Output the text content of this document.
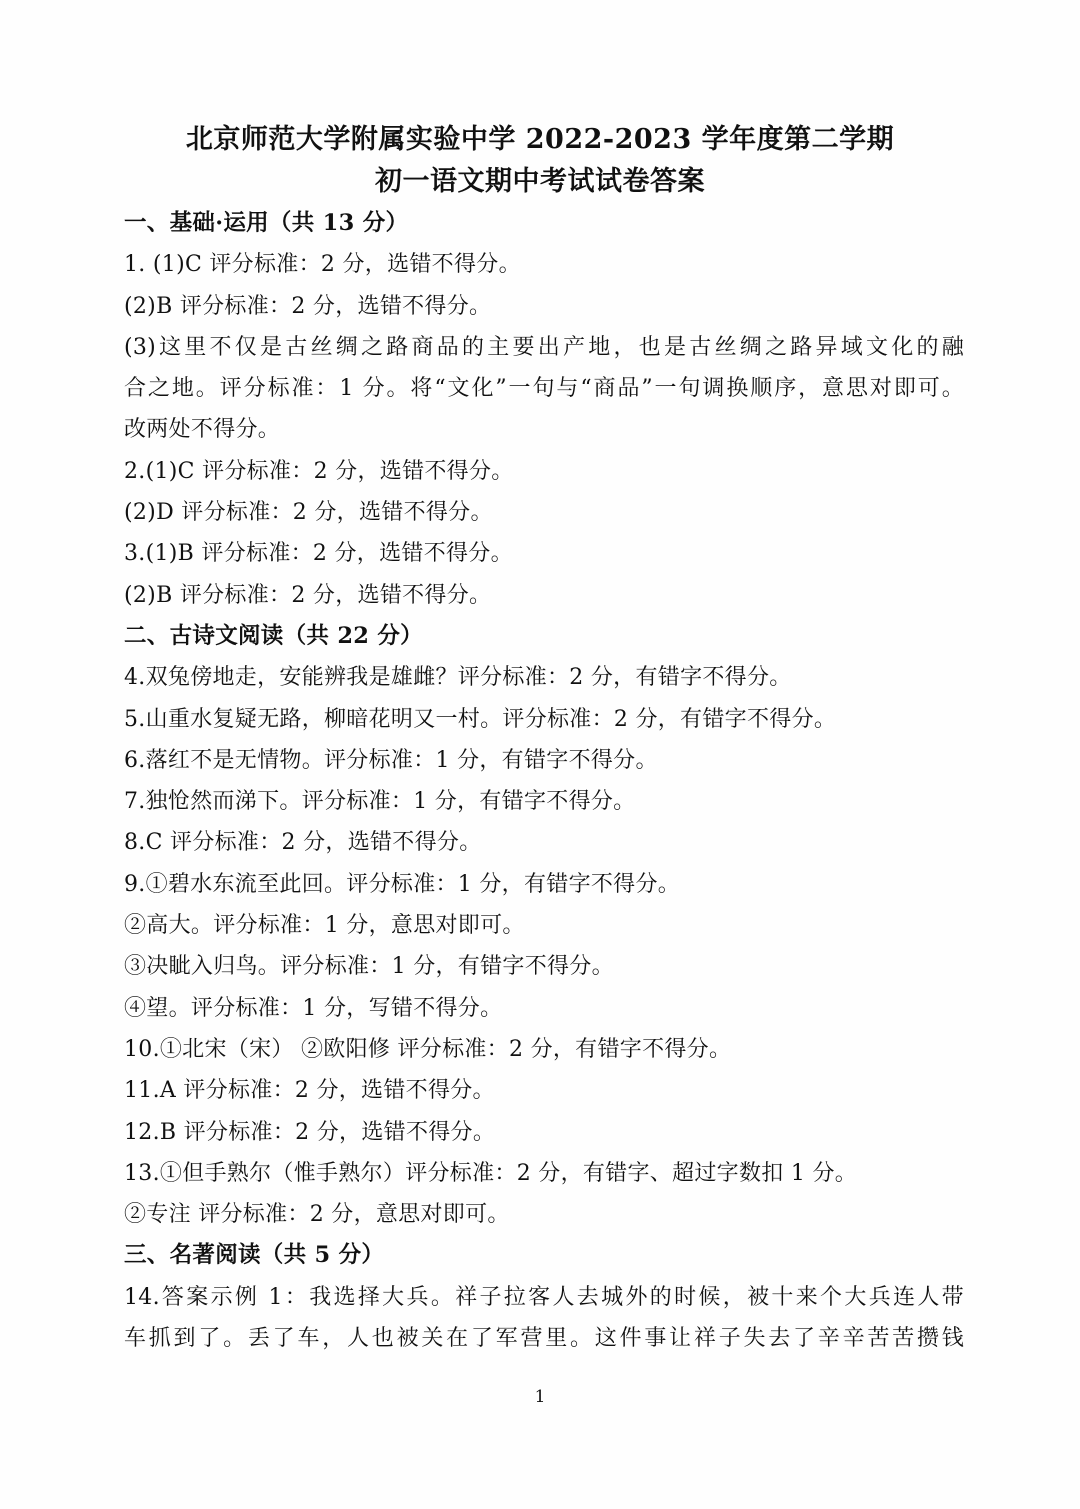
北京师范大学附属实验中学 2022-2023 学年度第二学期
初一语文期中考试试卷答案
一、基础·运用（共 13 分）
1. (1)C 评分标准：2 分，选错不得分。
(2)B 评分标准：2 分，选错不得分。
(3)这里不仅是古丝绸之路商品的主要出产地，也是古丝绸之路异域文化的融
合之地。评分标准：1 分。将“文化”一句与“商品”一句调换顺序，意思对即可。
改两处不得分。
2.(1)C 评分标准：2 分，选错不得分。
(2)D 评分标准：2 分，选错不得分。
3.(1)B 评分标准：2 分，选错不得分。
(2)B 评分标准：2 分，选错不得分。
二、古诗文阅读（共 22 分）
4.双兔傍地走，安能辨我是雄雌？评分标准：2 分，有错字不得分。
5.山重水复疑无路，柳暗花明又一村。评分标准：2 分，有错字不得分。
6.落红不是无情物。评分标准：1 分，有错字不得分。
7.独怆然而涕下。评分标准：1 分，有错字不得分。
8.C 评分标准：2 分，选错不得分。
9.①碧水东流至此回。评分标准：1 分，有错字不得分。
②高大。评分标准：1 分，意思对即可。
③决眦入归鸟。评分标准：1 分，有错字不得分。
④望。评分标准：1 分，写错不得分。
10.①北宋（宋） ②欧阳修 评分标准：2 分，有错字不得分。
11.A 评分标准：2 分，选错不得分。
12.B 评分标准：2 分，选错不得分。
13.①但手熟尔（惟手熟尔）评分标准：2 分，有错字、超过字数扣 1 分。
②专注 评分标准：2 分，意思对即可。
三、名著阅读（共 5 分）
14.答案示例 1：我选择大兵。祥子拉客人去城外的时候，被十来个大兵连人带
车抓到了。丢了车，人也被关在了军营里。这件事让祥子失去了辛辛苦苦攒钱
1
